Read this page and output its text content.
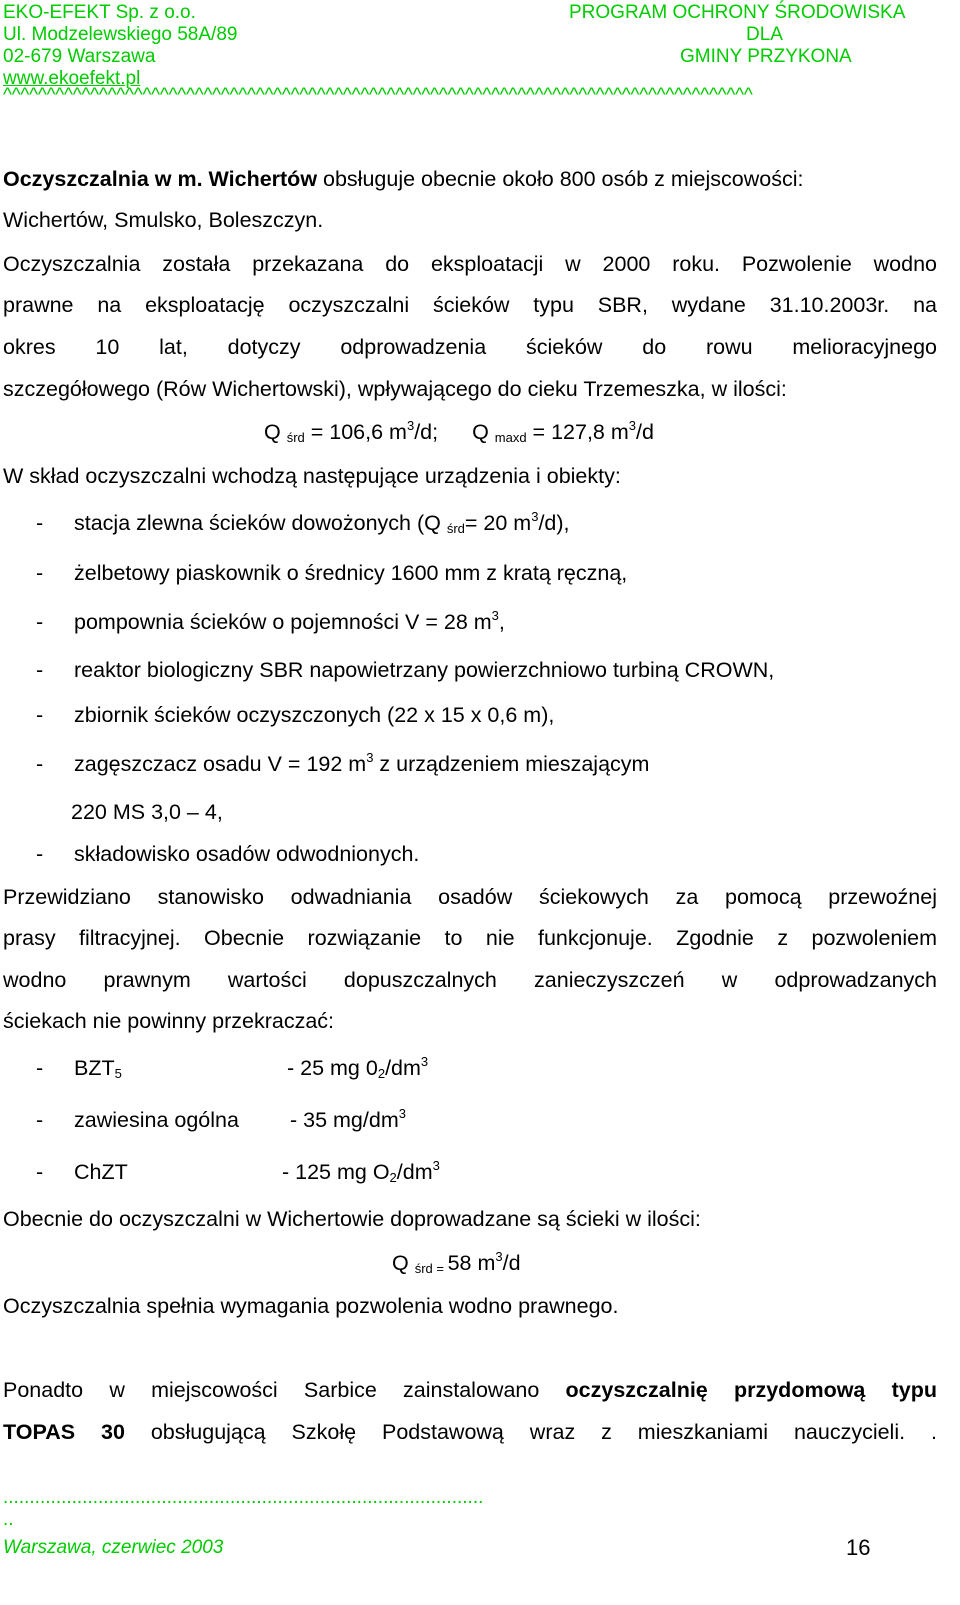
EKO-EFEKT Sp. z o.o.
Ul. Modzelewskiego 58A/89
02-679 Warszawa
www.ekoefekt.pl
PROGRAM OCHRONY ŚRODOWISKA
DLA
GMINY PRZYKONA
^^^^^^^^^^^^^^^^^^^^^^^^^^^^^^^^^^^^^^^^^^^^^^^^^^^^^^^^^^^^^^^^^^^^^^^^^^^^^^^^^^^^^^
Oczyszczalnia w m. Wichertów obsługuje obecnie około 800 osób z miejscowości:
Wichertów, Smulsko, Boleszczyn.
Oczyszczalnia została przekazana do eksploatacji w 2000 roku. Pozwolenie wodno
prawne na eksploatację oczyszczalni ścieków typu SBR, wydane 31.10.2003r. na
okres 10 lat, dotyczy odprowadzenia ścieków do rowu melioracyjnego
szczegółowego (Rów Wichertowski), wpływającego do cieku Trzemeszka, w ilości:
Q $_{śrd}$ = 106,6 $m^3/d$; Q $_{maxd}$ = 127,8 $m^3/d$
W skład oczyszczalni wchodzą następujące urządzenia i obiekty:
- stacja zlewna ścieków dowożonych (Q $_{śrd}$= 20 $m^3/d$),
- żelbetowy piaskownik o średnicy 1600 mm z kratą ręczną,
- pompownia ścieków o pojemności V = 28 $m^3$,
- reaktor biologiczny SBR napowietrzany powierzchniowo turbiną CROWN,
- zbiornik ścieków oczyszczonych (22 x 15 x 0,6 m),
- zagęszczacz osadu V = 192 $m^3$ z urządzeniem mieszającym
220 MS 3,0 – 4,
- składowisko osadów odwodnionych.
Przewidziano stanowisko odwadniania osadów ściekowych za pomocą przewoźnej
prasy filtracyjnej. Obecnie rozwiązanie to nie funkcjonuje. Zgodnie z pozwoleniem
wodno prawnym wartości dopuszczalnych zanieczyszczeń w odprowadzanych
ściekach nie powinny przekraczać:
- $BZT_5$	- 25 mg $0_2/dm^3$
- zawiesina ogólna - 35 $mg/dm^3$
- ChZT	- 125 mg $O_2/dm^3$
Obecnie do oczyszczalni w Wichertowie doprowadzane są ścieki w ilości:
Q $_{śrd =}$ 58 $m^3/d$
Oczyszczalnia spełnia wymagania pozwolenia wodno prawnego.
Ponadto w miejscowości Sarbice zainstalowano oczyszczalnię przydomową typu
TOPAS 30 obsługującą Szkołę Podstawową wraz z mieszkaniami nauczycieli. .
...........................................................................................
..
Warszawa, czerwiec 2003	16
